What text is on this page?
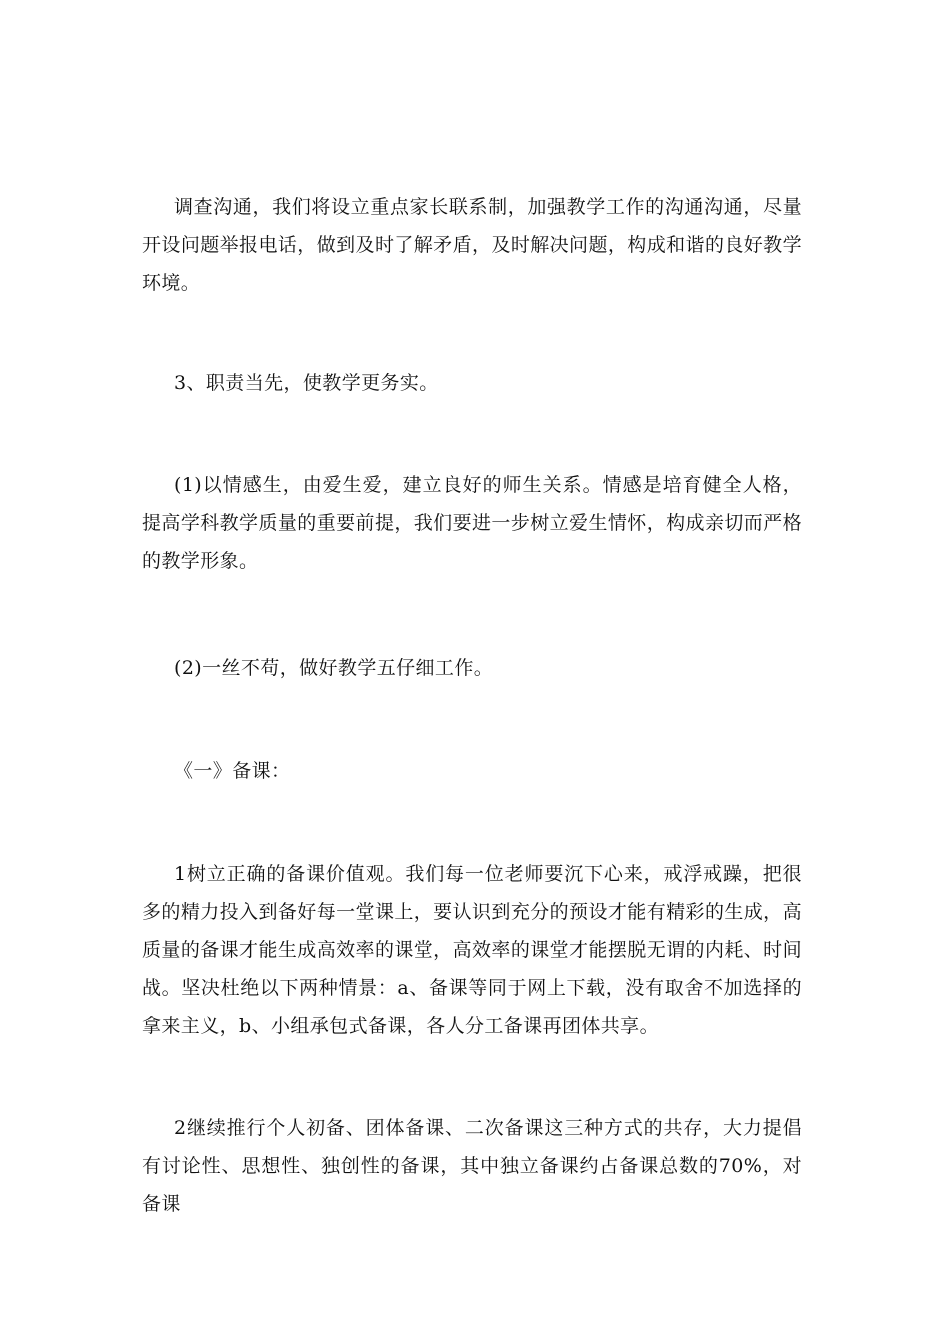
调查沟通，我们将设立重点家长联系制，加强教学工作的沟通沟通，尽量开设问题举报电话，做到及时了解矛盾，及时解决问题，构成和谐的良好教学环境。

3、职责当先，使教学更务实。

(1)以情感生，由爱生爱，建立良好的师生关系。情感是培育健全人格，提高学科教学质量的重要前提，我们要进一步树立爱生情怀，构成亲切而严格的教学形象。

(2)一丝不苟，做好教学五仔细工作。

《一》备课：

1树立正确的备课价值观。我们每一位老师要沉下心来，戒浮戒躁，把很多的精力投入到备好每一堂课上，要认识到充分的预设才能有精彩的生成，高质量的备课才能生成高效率的课堂，高效率的课堂才能摆脱无谓的内耗、时间战。坚决杜绝以下两种情景：a、备课等同于网上下载，没有取舍不加选择的拿来主义，b、小组承包式备课，各人分工备课再团体共享。

2继续推行个人初备、团体备课、二次备课这三种方式的共存，大力提倡有讨论性、思想性、独创性的备课，其中独立备课约占备课总数的70%，对备课
